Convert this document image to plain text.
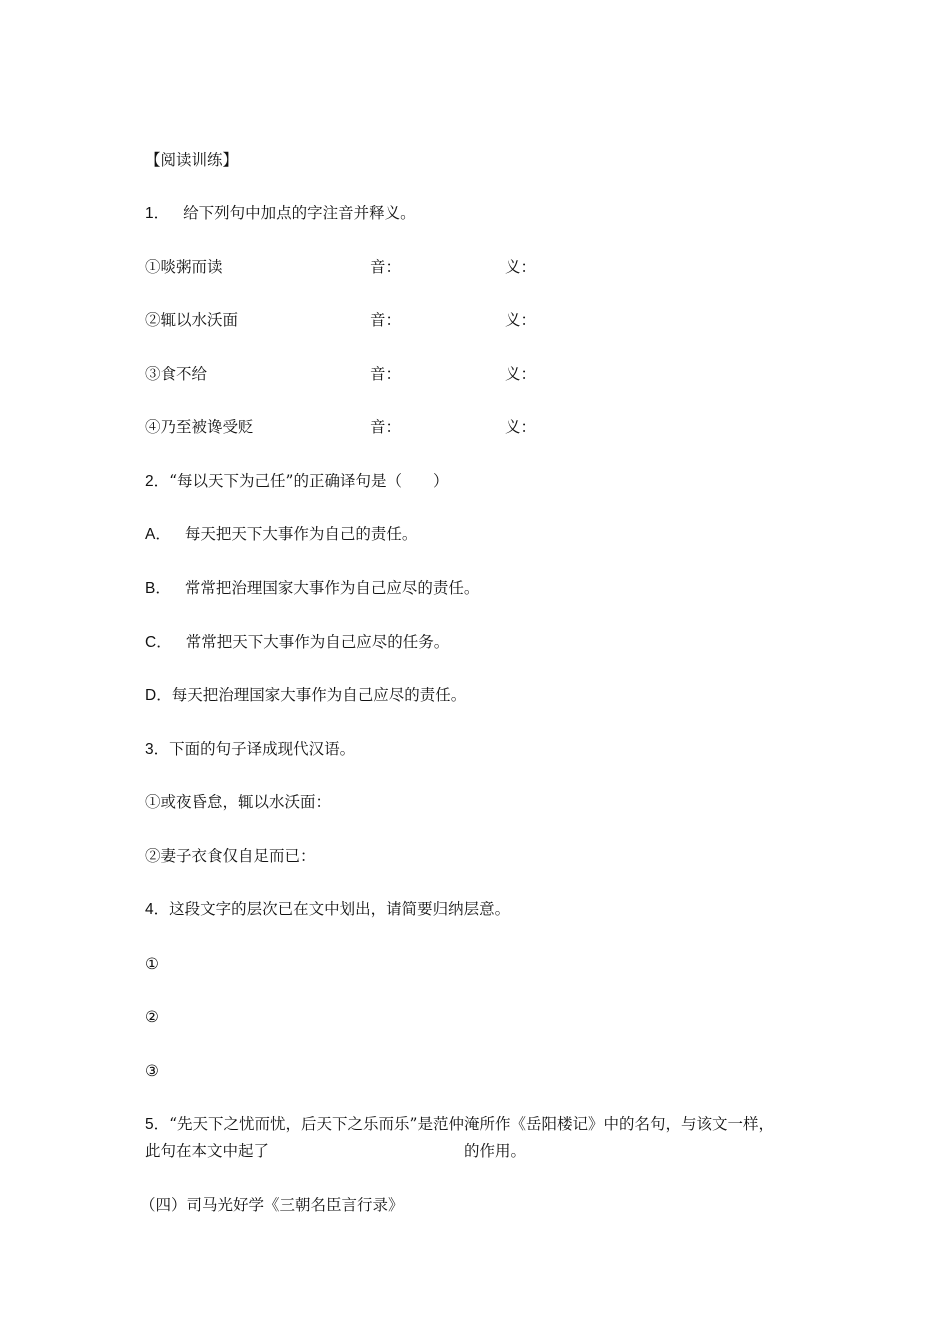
【阅读训练】
1． 给下列句中加点的字注音并释义。
①啖粥而读	音：	义：
②辄以水沃面	音：	义：
③食不给	音：	义：
④乃至被谗受贬	音：	义：
2．“每以天下为己任”的正确译句是（　　）
A． 每天把天下大事作为自己的责任。
B． 常常把治理国家大事作为自己应尽的责任。
C． 常常把天下大事作为自己应尽的任务。
D．每天把治理国家大事作为自己应尽的责任。
3．下面的句子译成现代汉语。
①或夜昏怠，辄以水沃面：
②妻子衣食仅自足而已：
4．这段文字的层次已在文中划出，请简要归纳层意。
①
②
③
5．“先天下之忧而忧，后天下之乐而乐”是范仲淹所作《岳阳楼记》中的名句，与该文一样，
此句在本文中起了	的作用。
（四）司马光好学《三朝名臣言行录》
